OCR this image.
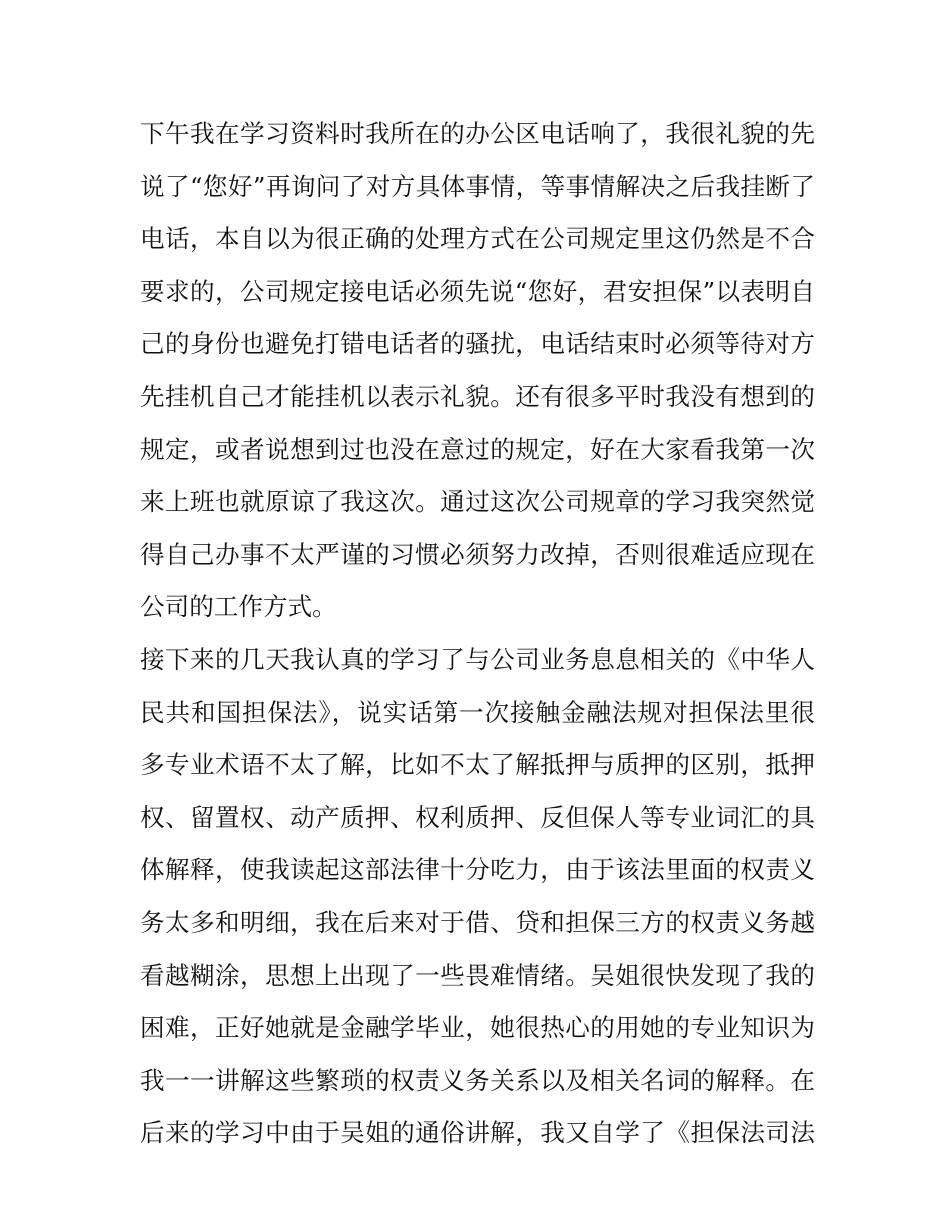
下午我在学习资料时我所在的办公区电话响了，我很礼貌的先
说了“您好”再询问了对方具体事情，等事情解决之后我挂断了
电话，本自以为很正确的处理方式在公司规定里这仍然是不合
要求的，公司规定接电话必须先说“您好，君安担保”以表明自
己的身份也避免打错电话者的骚扰，电话结束时必须等待对方
先挂机自己才能挂机以表示礼貌。还有很多平时我没有想到的
规定，或者说想到过也没在意过的规定，好在大家看我第一次
来上班也就原谅了我这次。通过这次公司规章的学习我突然觉
得自己办事不太严谨的习惯必须努力改掉，否则很难适应现在
公司的工作方式。
接下来的几天我认真的学习了与公司业务息息相关的《中华人
民共和国担保法》，说实话第一次接触金融法规对担保法里很
多专业术语不太了解，比如不太了解抵押与质押的区别，抵押
权、留置权、动产质押、权利质押、反但保人等专业词汇的具
体解释，使我读起这部法律十分吃力，由于该法里面的权责义
务太多和明细，我在后来对于借、贷和担保三方的权责义务越
看越糊涂，思想上出现了一些畏难情绪。吴姐很快发现了我的
困难，正好她就是金融学毕业，她很热心的用她的专业知识为
我一一讲解这些繁琐的权责义务关系以及相关名词的解释。在
后来的学习中由于吴姐的通俗讲解，我又自学了《担保法司法
